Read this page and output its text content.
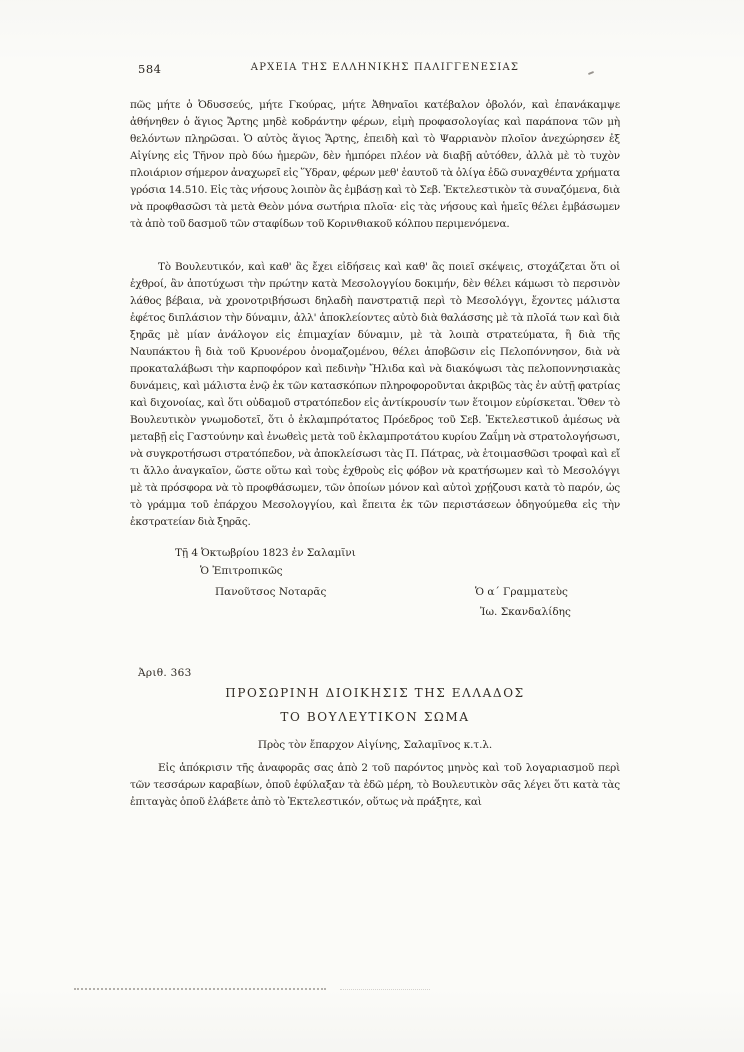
584	ΑΡΧΕΙΑ ΤΗΣ ΕΛΛΗΝΙΚΗΣ ΠΑΛΙΓΓΕΝΕΣΙΑΣ
πῶς μήτε ὁ Ὀδυσσεύς, μήτε Γκούρας, μήτε Ἀθηναῖοι κατέβαλον ὀβολόν, καὶ ἐπανάκαμψε ἀθήνηθεν ὁ ἅγιος Ἄρτης μηδὲ κοδράντην φέρων, εἰμὴ προφασολογίας καὶ παράπονα τῶν μὴ θελόντων πληρῶσαι. Ὁ αὐτὸς ἅγιος Ἄρτης, ἐπειδὴ καὶ τὸ Ψαρριανὸν πλοῖον ἀνεχώρησεν ἐξ Αἰγίνης εἰς Τῆνον πρὸ δύω ἡμερῶν, δὲν ἡμπόρει πλέον νὰ διαβῇ αὐτόθεν, ἀλλὰ μὲ τὸ τυχὸν πλοιάριον σήμερον ἀναχωρεῖ εἰς Ὕδραν, φέρων μεθ' ἑαυτοῦ τὰ ὀλίγα ἐδῶ συναχθέντα χρήματα γρόσια 14.510. Εἰς τὰς νήσους λοιπὸν ἂς ἐμβάσῃ καὶ τὸ Σεβ. Ἐκτελεστικὸν τὰ συναζόμενα, διὰ νὰ προφθασῶσι τὰ μετὰ Θεὸν μόνα σωτήρια πλοῖα· εἰς τὰς νήσους καὶ ἡμεῖς θέλει ἐμβάσωμεν τὰ ἀπὸ τοῦ δασμοῦ τῶν σταφίδων τοῦ Κορινθιακοῦ κόλπου περιμενόμενα.
Τὸ Βουλευτικόν, καὶ καθ' ἃς ἔχει εἰδήσεις καὶ καθ' ἃς ποιεῖ σκέψεις, στοχάζεται ὅτι οἱ ἐχθροί, ἂν ἀποτύχωσι τὴν πρώτην κατὰ Μεσολογγίου δοκιμήν, δὲν θέλει κάμωσι τὸ περσινὸν λάθος βέβαια, νὰ χρονοτριβήσωσι δηλαδὴ πανστρατιᾷ περὶ τὸ Μεσολόγγι, ἔχοντες μάλιστα ἐφέτος διπλάσιον τὴν δύναμιν, ἀλλ' ἀποκλείοντες αὐτὸ διὰ θαλάσσης μὲ τὰ πλοῖά των καὶ διὰ ξηρᾶς μὲ μίαν ἀνάλογον εἰς ἐπιμαχίαν δύναμιν, μὲ τὰ λοιπὰ στρατεύματα, ἢ διὰ τῆς Ναυπάκτου ἢ διὰ τοῦ Κρυονέρου ὀνομαζομένου, θέλει ἀποβῶσιν εἰς Πελοπόννησον, διὰ νὰ προκαταλάβωσι τὴν καρποφόρον καὶ πεδινὴν Ἤλιδα καὶ νὰ διακόψωσι τὰς πελοποννησιακὰς δυνάμεις, καὶ μάλιστα ἐνῷ ἐκ τῶν κατασκόπων πληροφοροῦνται ἀκριβῶς τὰς ἐν αὐτῇ φατρίας καὶ διχονοίας, καὶ ὅτι οὐδαμοῦ στρατόπεδον εἰς ἀντίκρουσίν των ἕτοιμον εὑρίσκεται. Ὅθεν τὸ Βουλευτικὸν γνωμοδοτεῖ, ὅτι ὁ ἐκλαμπρότατος Πρόεδρος τοῦ Σεβ. Ἐκτελεστικοῦ ἀμέσως νὰ μεταβῇ εἰς Γαστούνην καὶ ἑνωθεὶς μετὰ τοῦ ἐκλαμπροτάτου κυρίου Ζαΐμη νὰ στρατολογήσωσι, νὰ συγκροτήσωσι στρατόπεδον, νὰ ἀποκλείσωσι τὰς Π. Πάτρας, νὰ ἑτοιμασθῶσι τροφαὶ καὶ εἴ τι ἄλλο ἀναγκαῖον, ὥστε οὕτω καὶ τοὺς ἐχθροὺς εἰς φόβον νὰ κρατήσωμεν καὶ τὸ Μεσολόγγι μὲ τὰ πρόσφορα νὰ τὸ προφθάσωμεν, τῶν ὁποίων μόνον καὶ αὐτοὶ χρῄζουσι κατὰ τὸ παρόν, ὡς τὸ γράμμα τοῦ ἐπάρχου Μεσολογγίου, καὶ ἔπειτα ἐκ τῶν περιστάσεων ὁδηγούμεθα εἰς τὴν ἐκστρατείαν διὰ ξηρᾶς.
Τῇ 4 Ὀκτωβρίου 1823 ἐν Σαλαμῖνι
Ὁ Ἐπιτροπικῶς
Πανοῦτσος Νοταρᾶς	Ὁ α΄ Γραμματεὺς
Ἰω. Σκανδαλίδης
Ἀριθ. 363
ΠΡΟΣΩΡΙΝΗ ΔΙΟΙΚΗΣΙΣ ΤΗΣ ΕΛΛΑΔΟΣ
ΤΟ ΒΟΥΛΕΥΤΙΚΟΝ ΣΩΜΑ
Πρὸς τὸν ἔπαρχον Αἰγίνης, Σαλαμῖνος κ.τ.λ.
Εἰς ἀπόκρισιν τῆς ἀναφορᾶς σας ἀπὸ 2 τοῦ παρόντος μηνὸς καὶ τοῦ λογαριασμοῦ περὶ τῶν τεσσάρων καραβίων, ὁποῦ ἐφύλαξαν τὰ ἐδῶ μέρη, τὸ Βουλευτικὸν σᾶς λέγει ὅτι κατὰ τὰς ἐπιταγὰς ὁποῦ ἐλάβετε ἀπὸ τὸ Ἐκτελεστικόν, οὕτως νὰ πράξητε, καὶ
